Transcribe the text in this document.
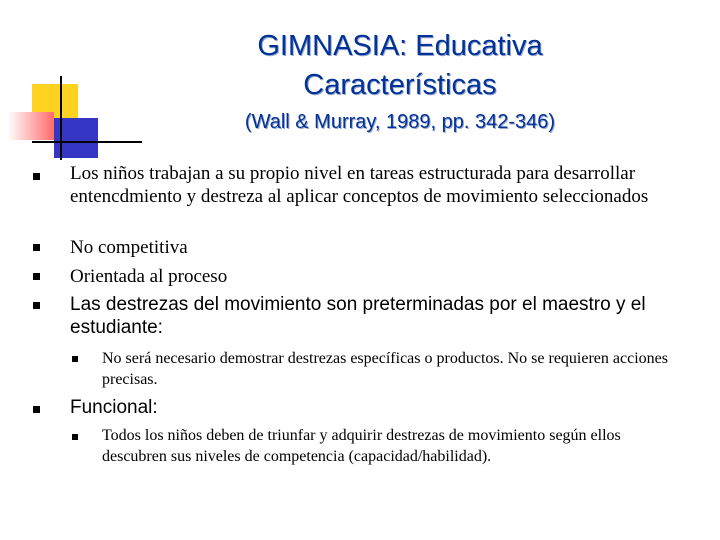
GIMNASIA: Educativa
Características
(Wall & Murray, 1989, pp. 342-346)
Los niños trabajan a su propio nivel en tareas estructurada para desarrollar entencdmiento y destreza al aplicar conceptos de movimiento seleccionados
No competitiva
Orientada al proceso
Las destrezas del movimiento son preterminadas por el maestro y el estudiante:
No será necesario demostrar destrezas específicas o productos. No se requieren acciones precisas.
Funcional:
Todos los niños deben de triunfar y adquirir destrezas de movimiento según ellos descubren sus niveles de competencia (capacidad/habilidad).
